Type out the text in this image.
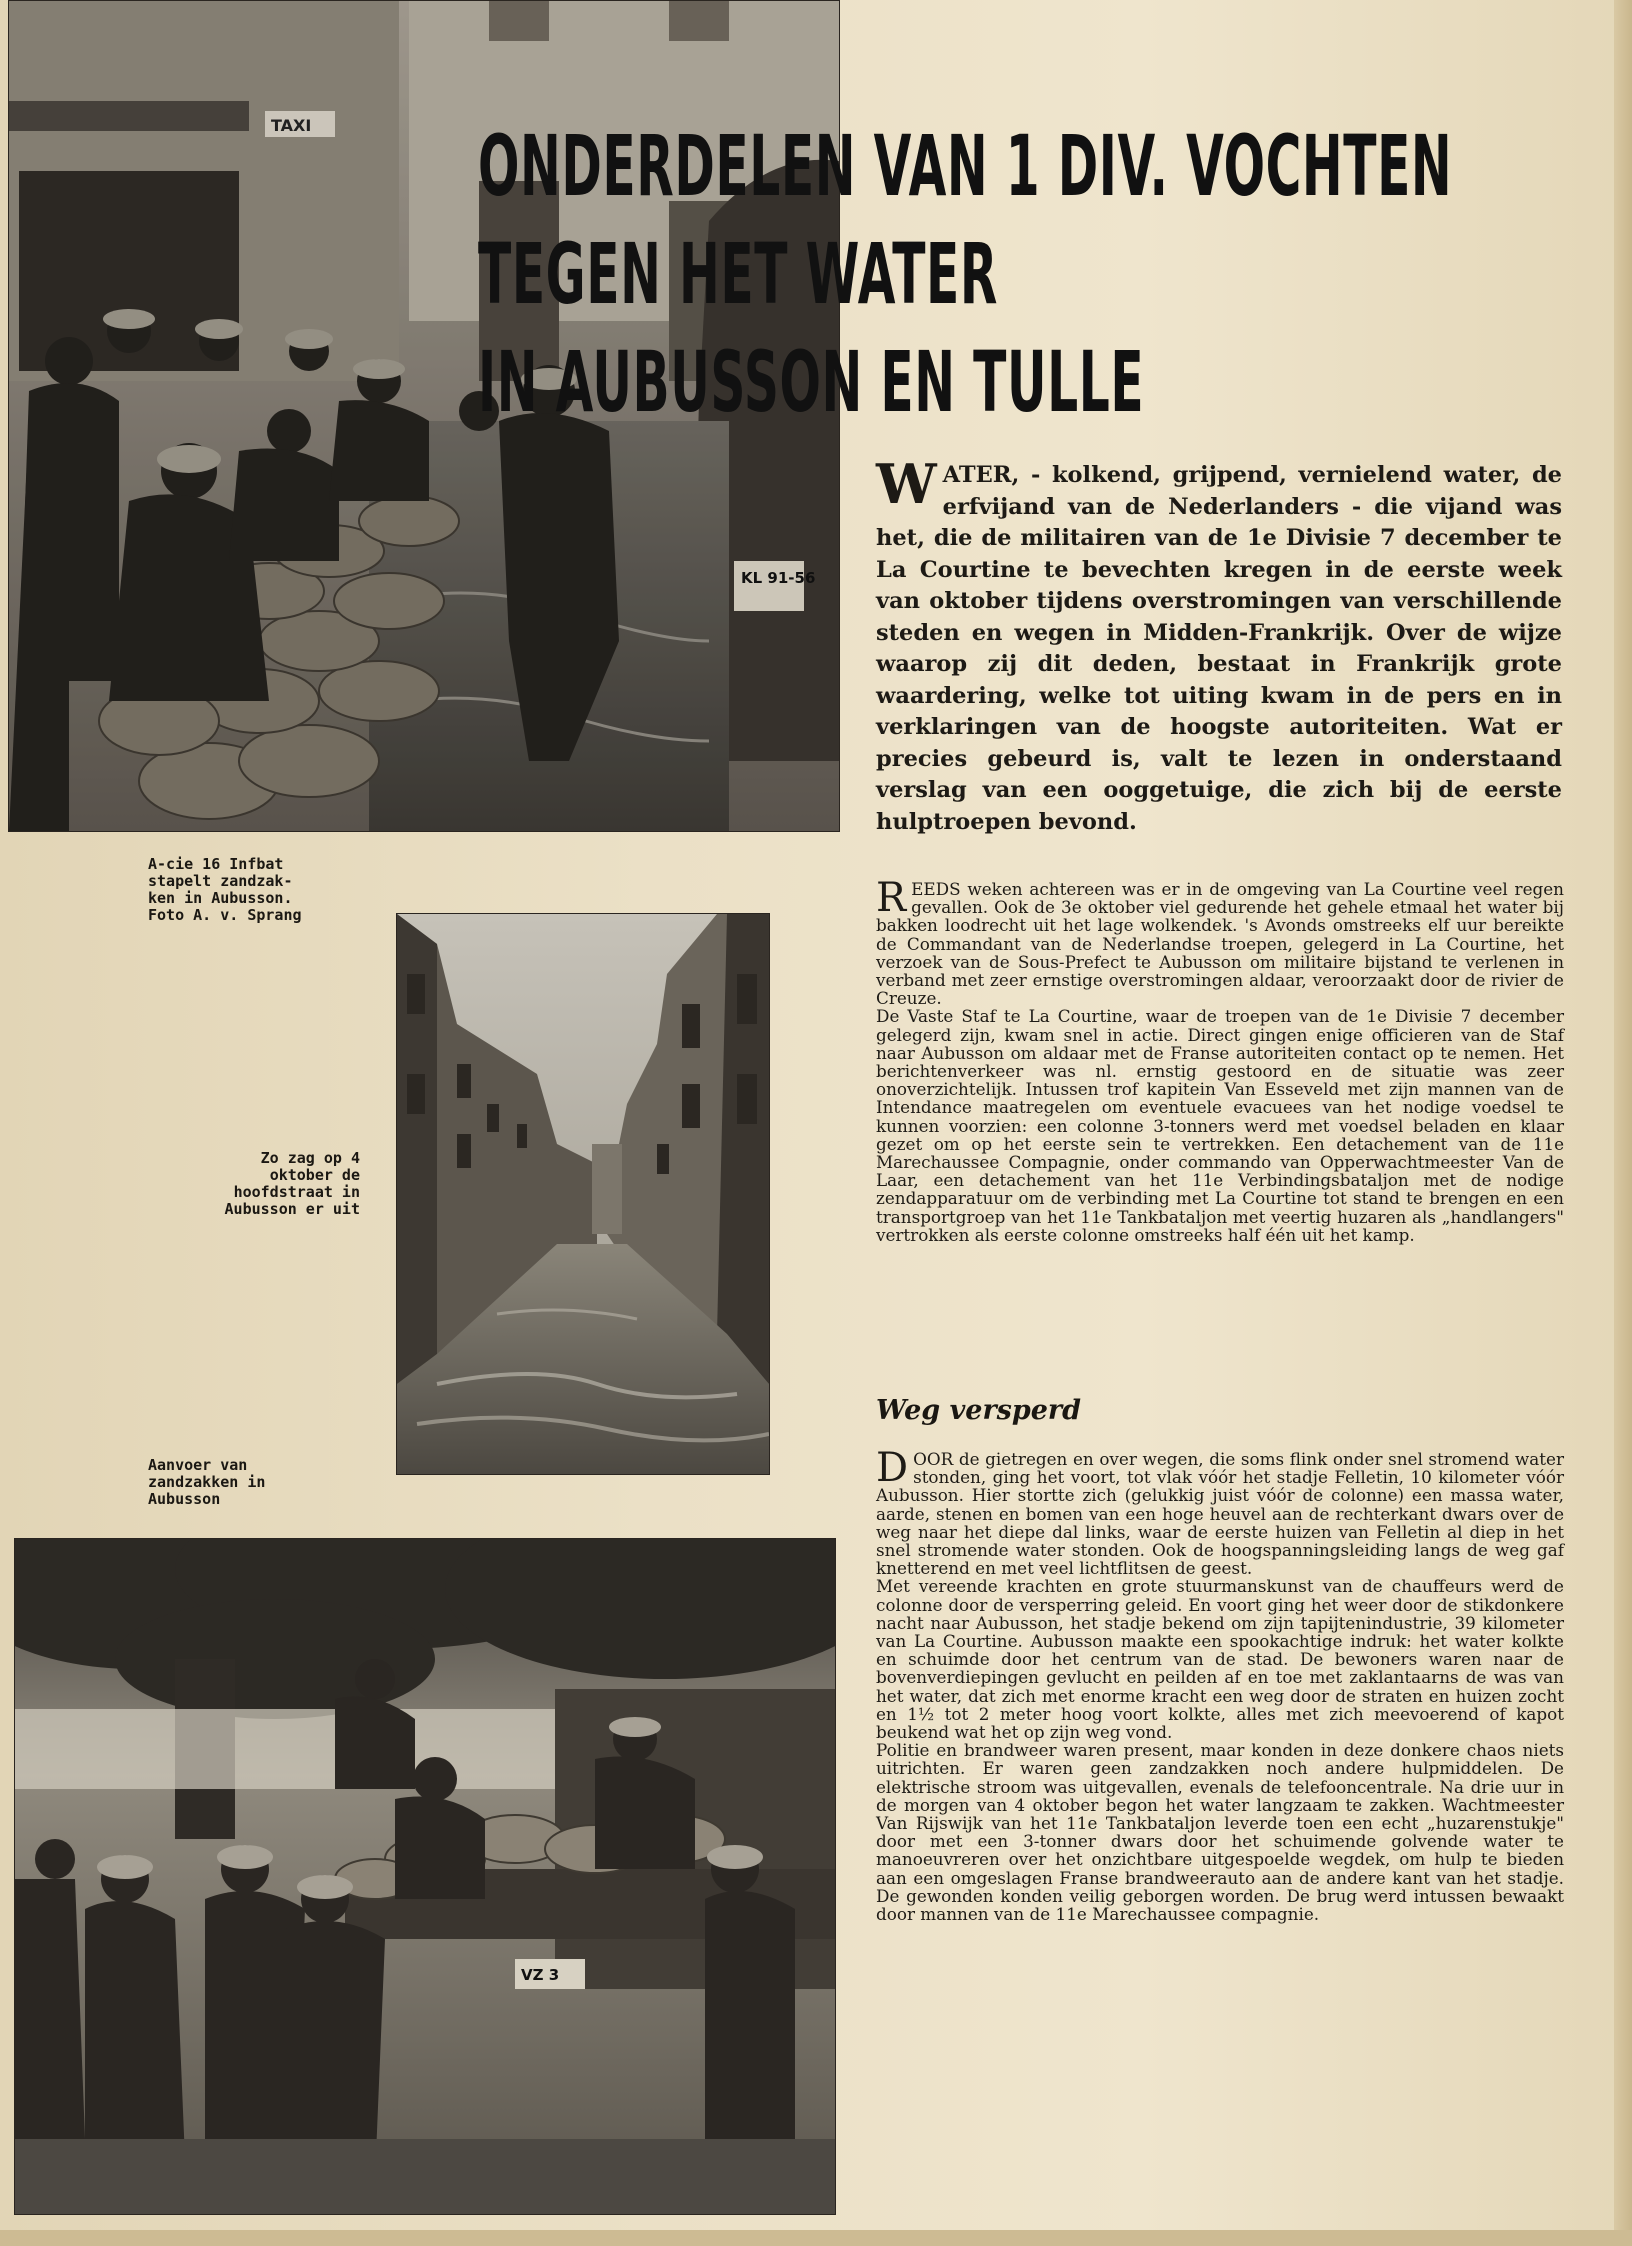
TAXI
KL 91-56
ONDERDELEN VAN 1 DIV. VOCHTEN
TEGEN HET WATER
IN AUBUSSON EN TULLE
W ATER, - kolkend, grijpend, vernielend water, de erfvijand van de Nederlanders - die vijand was het, die de militairen van de 1e Divisie 7 december te La Courtine te bevechten kregen in de eerste week van oktober tijdens overstromingen van verschillende steden en wegen in Midden-Frankrijk. Over de wijze waarop zij dit deden, bestaat in Frankrijk grote waardering, welke tot uiting kwam in de pers en in verklaringen van de hoogste autoriteiten. Wat er precies gebeurd is, valt te lezen in onderstaand verslag van een ooggetuige, die zich bij de eerste hulptroepen bevond.
A-cie 16 Infbat
stapelt zandzak-
ken in Aubusson.
Foto A. v. Sprang
Zo zag op 4
oktober de
hoofdstraat in
Aubusson er uit
Aanvoer van
zandzakken in
Aubusson
VZ 3

REEDS weken achtereen was er in de omgeving van La Courtine veel regen gevallen. Ook de 3e oktober viel gedurende het gehele etmaal het water bij bakken loodrecht uit het lage wolkendek. 's Avonds omstreeks elf uur bereikte de Commandant van de Nederlandse troepen, gelegerd in La Courtine, het verzoek van de Sous-Prefect te Aubusson om militaire bijstand te verlenen in verband met zeer ernstige overstromingen aldaar, veroorzaakt door de rivier de Creuze.

De Vaste Staf te La Courtine, waar de troepen van de 1e Divisie 7 december gelegerd zijn, kwam snel in actie. Direct gingen enige officieren van de Staf naar Aubusson om aldaar met de Franse autoriteiten contact op te nemen. Het berichtenverkeer was nl. ernstig gestoord en de situatie was zeer onoverzichtelijk. Intussen trof kapitein Van Esseveld met zijn mannen van de Intendance maatregelen om eventuele evacuees van het nodige voedsel te kunnen voorzien: een colonne 3-tonners werd met voedsel beladen en klaar gezet om op het eerste sein te vertrekken. Een detachement van de 11e Marechaussee Compagnie, onder commando van Opperwachtmeester Van de Laar, een detachement van het 11e Verbindingsbataljon met de nodige zendapparatuur om de verbinding met La Courtine tot stand te brengen en een transportgroep van het 11e Tankbataljon met veertig huzaren als „handlangers" vertrokken als eerste colonne omstreeks half één uit het kamp.

Weg versperd

DOOR de gietregen en over wegen, die soms flink onder snel stromend water stonden, ging het voort, tot vlak vóór het stadje Felletin, 10 kilometer vóór Aubusson. Hier stortte zich (gelukkig juist vóór de colonne) een massa water, aarde, stenen en bomen van een hoge heuvel aan de rechterkant dwars over de weg naar het diepe dal links, waar de eerste huizen van Felletin al diep in het snel stromende water stonden. Ook de hoogspanningsleiding langs de weg gaf knetterend en met veel lichtflitsen de geest.

Met vereende krachten en grote stuurmanskunst van de chauffeurs werd de colonne door de versperring geleid. En voort ging het weer door de stikdonkere nacht naar Aubusson, het stadje bekend om zijn tapijtenindustrie, 39 kilometer van La Courtine. Aubusson maakte een spookachtige indruk: het water kolkte en schuimde door het centrum van de stad. De bewoners waren naar de bovenverdiepingen gevlucht en peilden af en toe met zaklantaarns de was van het water, dat zich met enorme kracht een weg door de straten en huizen zocht en 1½ tot 2 meter hoog voort kolkte, alles met zich meevoerend of kapot beukend wat het op zijn weg vond.

Politie en brandweer waren present, maar konden in deze donkere chaos niets uitrichten. Er waren geen zandzakken noch andere hulpmiddelen. De elektrische stroom was uitgevallen, evenals de telefooncentrale. Na drie uur in de morgen van 4 oktober begon het water langzaam te zakken. Wachtmeester Van Rijswijk van het 11e Tankbataljon leverde toen een echt „huzarenstukje" door met een 3-tonner dwars door het schuimende golvende water te manoeuvreren over het onzichtbare uitgespoelde wegdek, om hulp te bieden aan een omgeslagen Franse brandweerauto aan de andere kant van het stadje. De gewonden konden veilig geborgen worden. De brug werd intussen bewaakt door mannen van de 11e Marechaussee compagnie.
